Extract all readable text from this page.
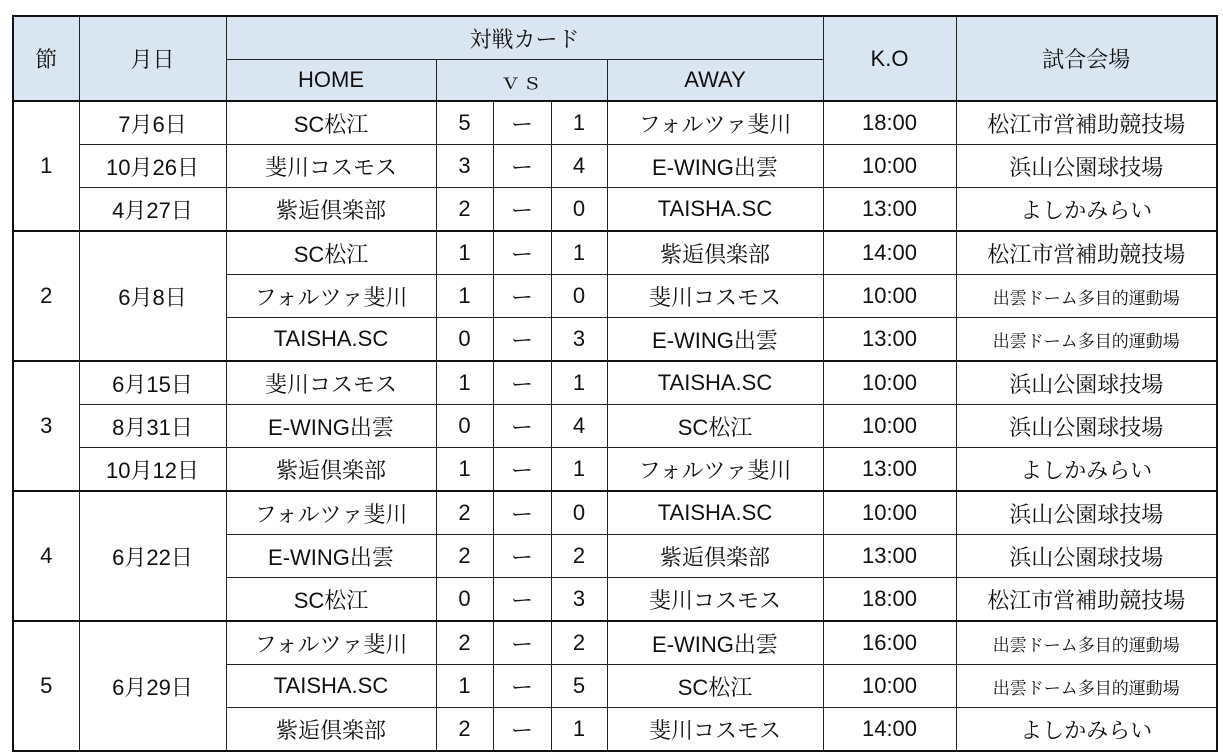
節	月日	対戦カード					K.O	試合会場
		HOME	ｖｓ			AWAY		
1	7月6日	SC松江	5	ー	1	フォルツァ斐川	18:00	松江市営補助競技場
	10月26日	斐川コスモス	3	ー	4	E-WING出雲	10:00	浜山公園球技場
	4月27日	紫逅倶楽部	2	ー	0	TAISHA.SC	13:00	よしかみらい
2	6月8日	SC松江	1	ー	1	紫逅倶楽部	14:00	松江市営補助競技場
		フォルツァ斐川	1	ー	0	斐川コスモス	10:00	出雲ドーム多目的運動場
		TAISHA.SC	0	ー	3	E-WING出雲	13:00	出雲ドーム多目的運動場
3	6月15日	斐川コスモス	1	ー	1	TAISHA.SC	10:00	浜山公園球技場
	8月31日	E-WING出雲	0	ー	4	SC松江	10:00	浜山公園球技場
	10月12日	紫逅倶楽部	1	ー	1	フォルツァ斐川	13:00	よしかみらい
4	6月22日	フォルツァ斐川	2	ー	0	TAISHA.SC	10:00	浜山公園球技場
		E-WING出雲	2	ー	2	紫逅倶楽部	13:00	浜山公園球技場
		SC松江	0	ー	3	斐川コスモス	18:00	松江市営補助競技場
5	6月29日	フォルツァ斐川	2	ー	2	E-WING出雲	16:00	出雲ドーム多目的運動場
		TAISHA.SC	1	ー	5	SC松江	10:00	出雲ドーム多目的運動場
		紫逅倶楽部	2	ー	1	斐川コスモス	14:00	よしかみらい
